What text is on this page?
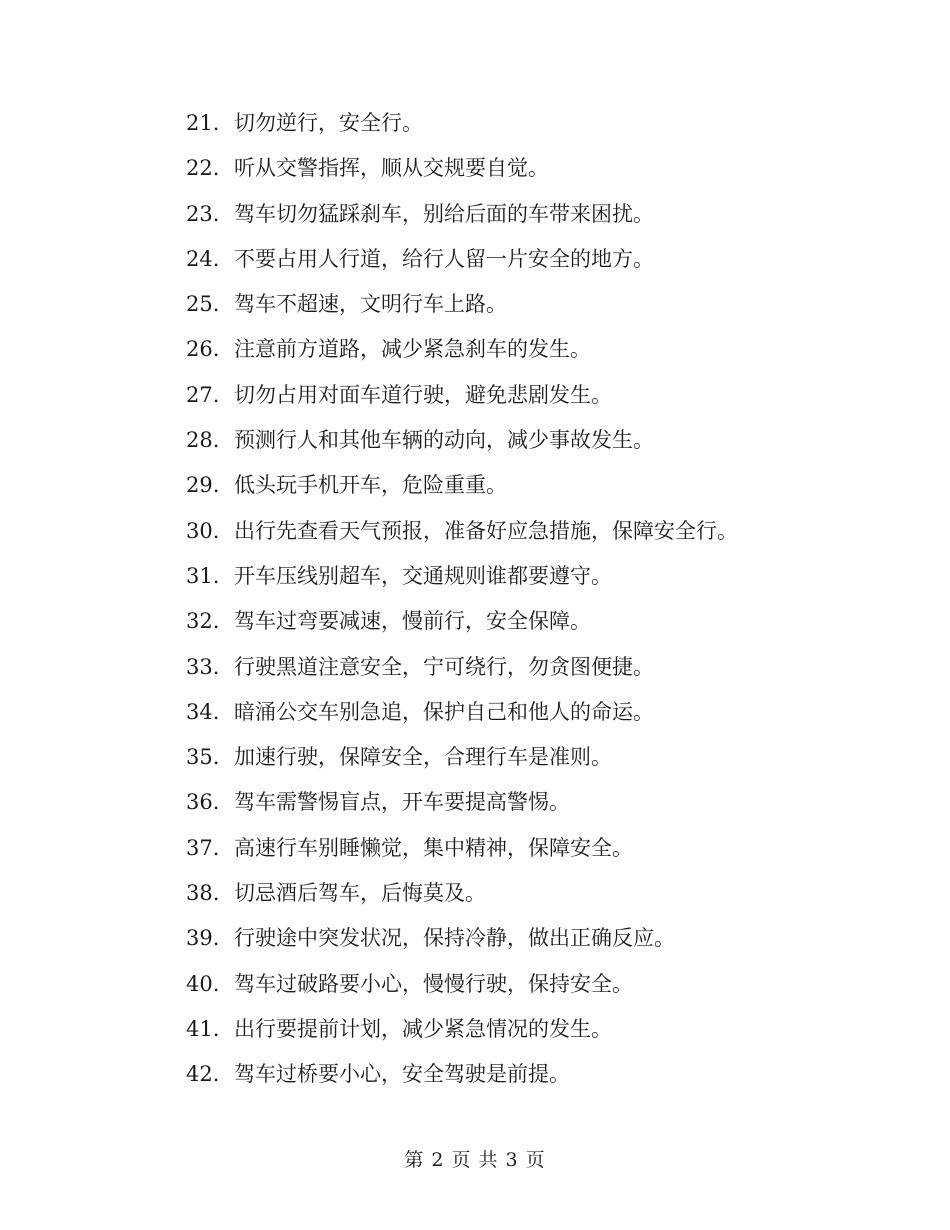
21. 切勿逆行，安全行。
22. 听从交警指挥，顺从交规要自觉。
23. 驾车切勿猛踩刹车，别给后面的车带来困扰。
24. 不要占用人行道，给行人留一片安全的地方。
25. 驾车不超速，文明行车上路。
26. 注意前方道路，减少紧急刹车的发生。
27. 切勿占用对面车道行驶，避免悲剧发生。
28. 预测行人和其他车辆的动向，减少事故发生。
29. 低头玩手机开车，危险重重。
30. 出行先查看天气预报，准备好应急措施，保障安全行。
31. 开车压线别超车，交通规则谁都要遵守。
32. 驾车过弯要减速，慢前行，安全保障。
33. 行驶黑道注意安全，宁可绕行，勿贪图便捷。
34. 暗涌公交车别急追，保护自己和他人的命运。
35. 加速行驶，保障安全，合理行车是准则。
36. 驾车需警惕盲点，开车要提高警惕。
37. 高速行车别睡懒觉，集中精神，保障安全。
38. 切忌酒后驾车，后悔莫及。
39. 行驶途中突发状况，保持冷静，做出正确反应。
40. 驾车过破路要小心，慢慢行驶，保持安全。
41. 出行要提前计划，减少紧急情况的发生。
42. 驾车过桥要小心，安全驾驶是前提。
第 2 页 共 3 页
